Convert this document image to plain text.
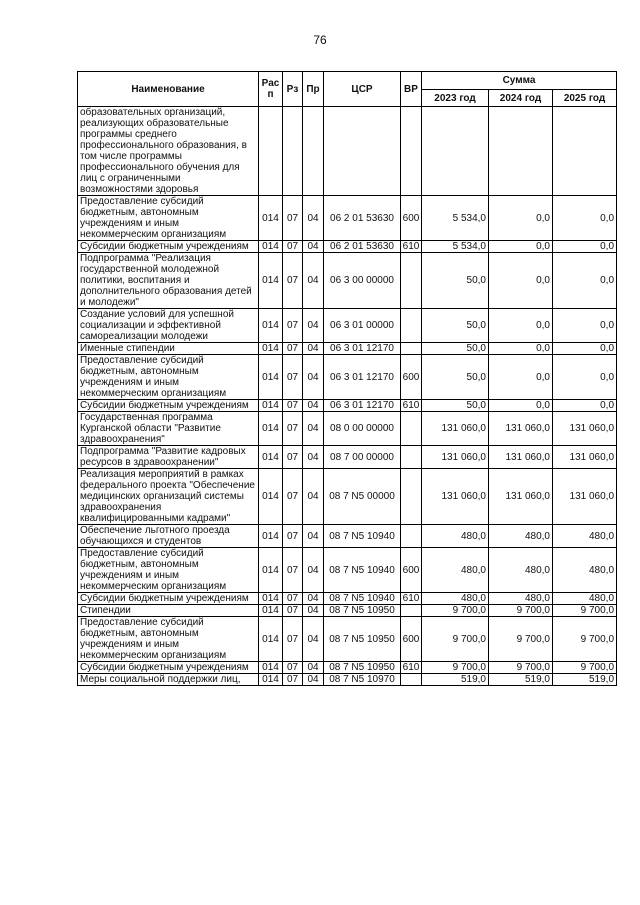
76
Наименование	Рас п	Рз	Пр	ЦСР	ВР	Сумма		
						2023 год	2024 год	2025 год
образовательных организаций, реализующих образовательные программы среднего профессионального образования, в том числе программы профессионального обучения для лиц с ограниченными возможностями здоровья								
Предоставление субсидий бюджетным, автономным учреждениям и иным некоммерческим организациям	014	07	04	06 2 01 53630	600	5 534,0	0,0	0,0
Субсидии бюджетным учреждениям	014	07	04	06 2 01 53630	610	5 534,0	0,0	0,0
Подпрограмма "Реализация государственной молодежной политики, воспитания и дополнительного образования детей и молодежи"	014	07	04	06 3 00 00000		50,0	0,0	0,0
Создание условий для успешной социализации и эффективной самореализации молодежи	014	07	04	06 3 01 00000		50,0	0,0	0,0
Именные стипендии	014	07	04	06 3 01 12170		50,0	0,0	0,0
Предоставление субсидий бюджетным, автономным учреждениям и иным некоммерческим организациям	014	07	04	06 3 01 12170	600	50,0	0,0	0,0
Субсидии бюджетным учреждениям	014	07	04	06 3 01 12170	610	50,0	0,0	0,0
Государственная программа Курганской области "Развитие здравоохранения"	014	07	04	08 0 00 00000		131 060,0	131 060,0	131 060,0
Подпрограмма "Развитие кадровых ресурсов в здравоохранении"	014	07	04	08 7 00 00000		131 060,0	131 060,0	131 060,0
Реализация мероприятий в рамках федерального проекта "Обеспечение медицинских организаций системы здравоохранения квалифицированными кадрами"	014	07	04	08 7 N5 00000		131 060,0	131 060,0	131 060,0
Обеспечение льготного проезда обучающихся и студентов	014	07	04	08 7 N5 10940		480,0	480,0	480,0
Предоставление субсидий бюджетным, автономным учреждениям и иным некоммерческим организациям	014	07	04	08 7 N5 10940	600	480,0	480,0	480,0
Субсидии бюджетным учреждениям	014	07	04	08 7 N5 10940	610	480,0	480,0	480,0
Стипендии	014	07	04	08 7 N5 10950		9 700,0	9 700,0	9 700,0
Предоставление субсидий бюджетным, автономным учреждениям и иным некоммерческим организациям	014	07	04	08 7 N5 10950	600	9 700,0	9 700,0	9 700,0
Субсидии бюджетным учреждениям	014	07	04	08 7 N5 10950	610	9 700,0	9 700,0	9 700,0
Меры социальной поддержки лиц,	014	07	04	08 7 N5 10970		519,0	519,0	519,0
